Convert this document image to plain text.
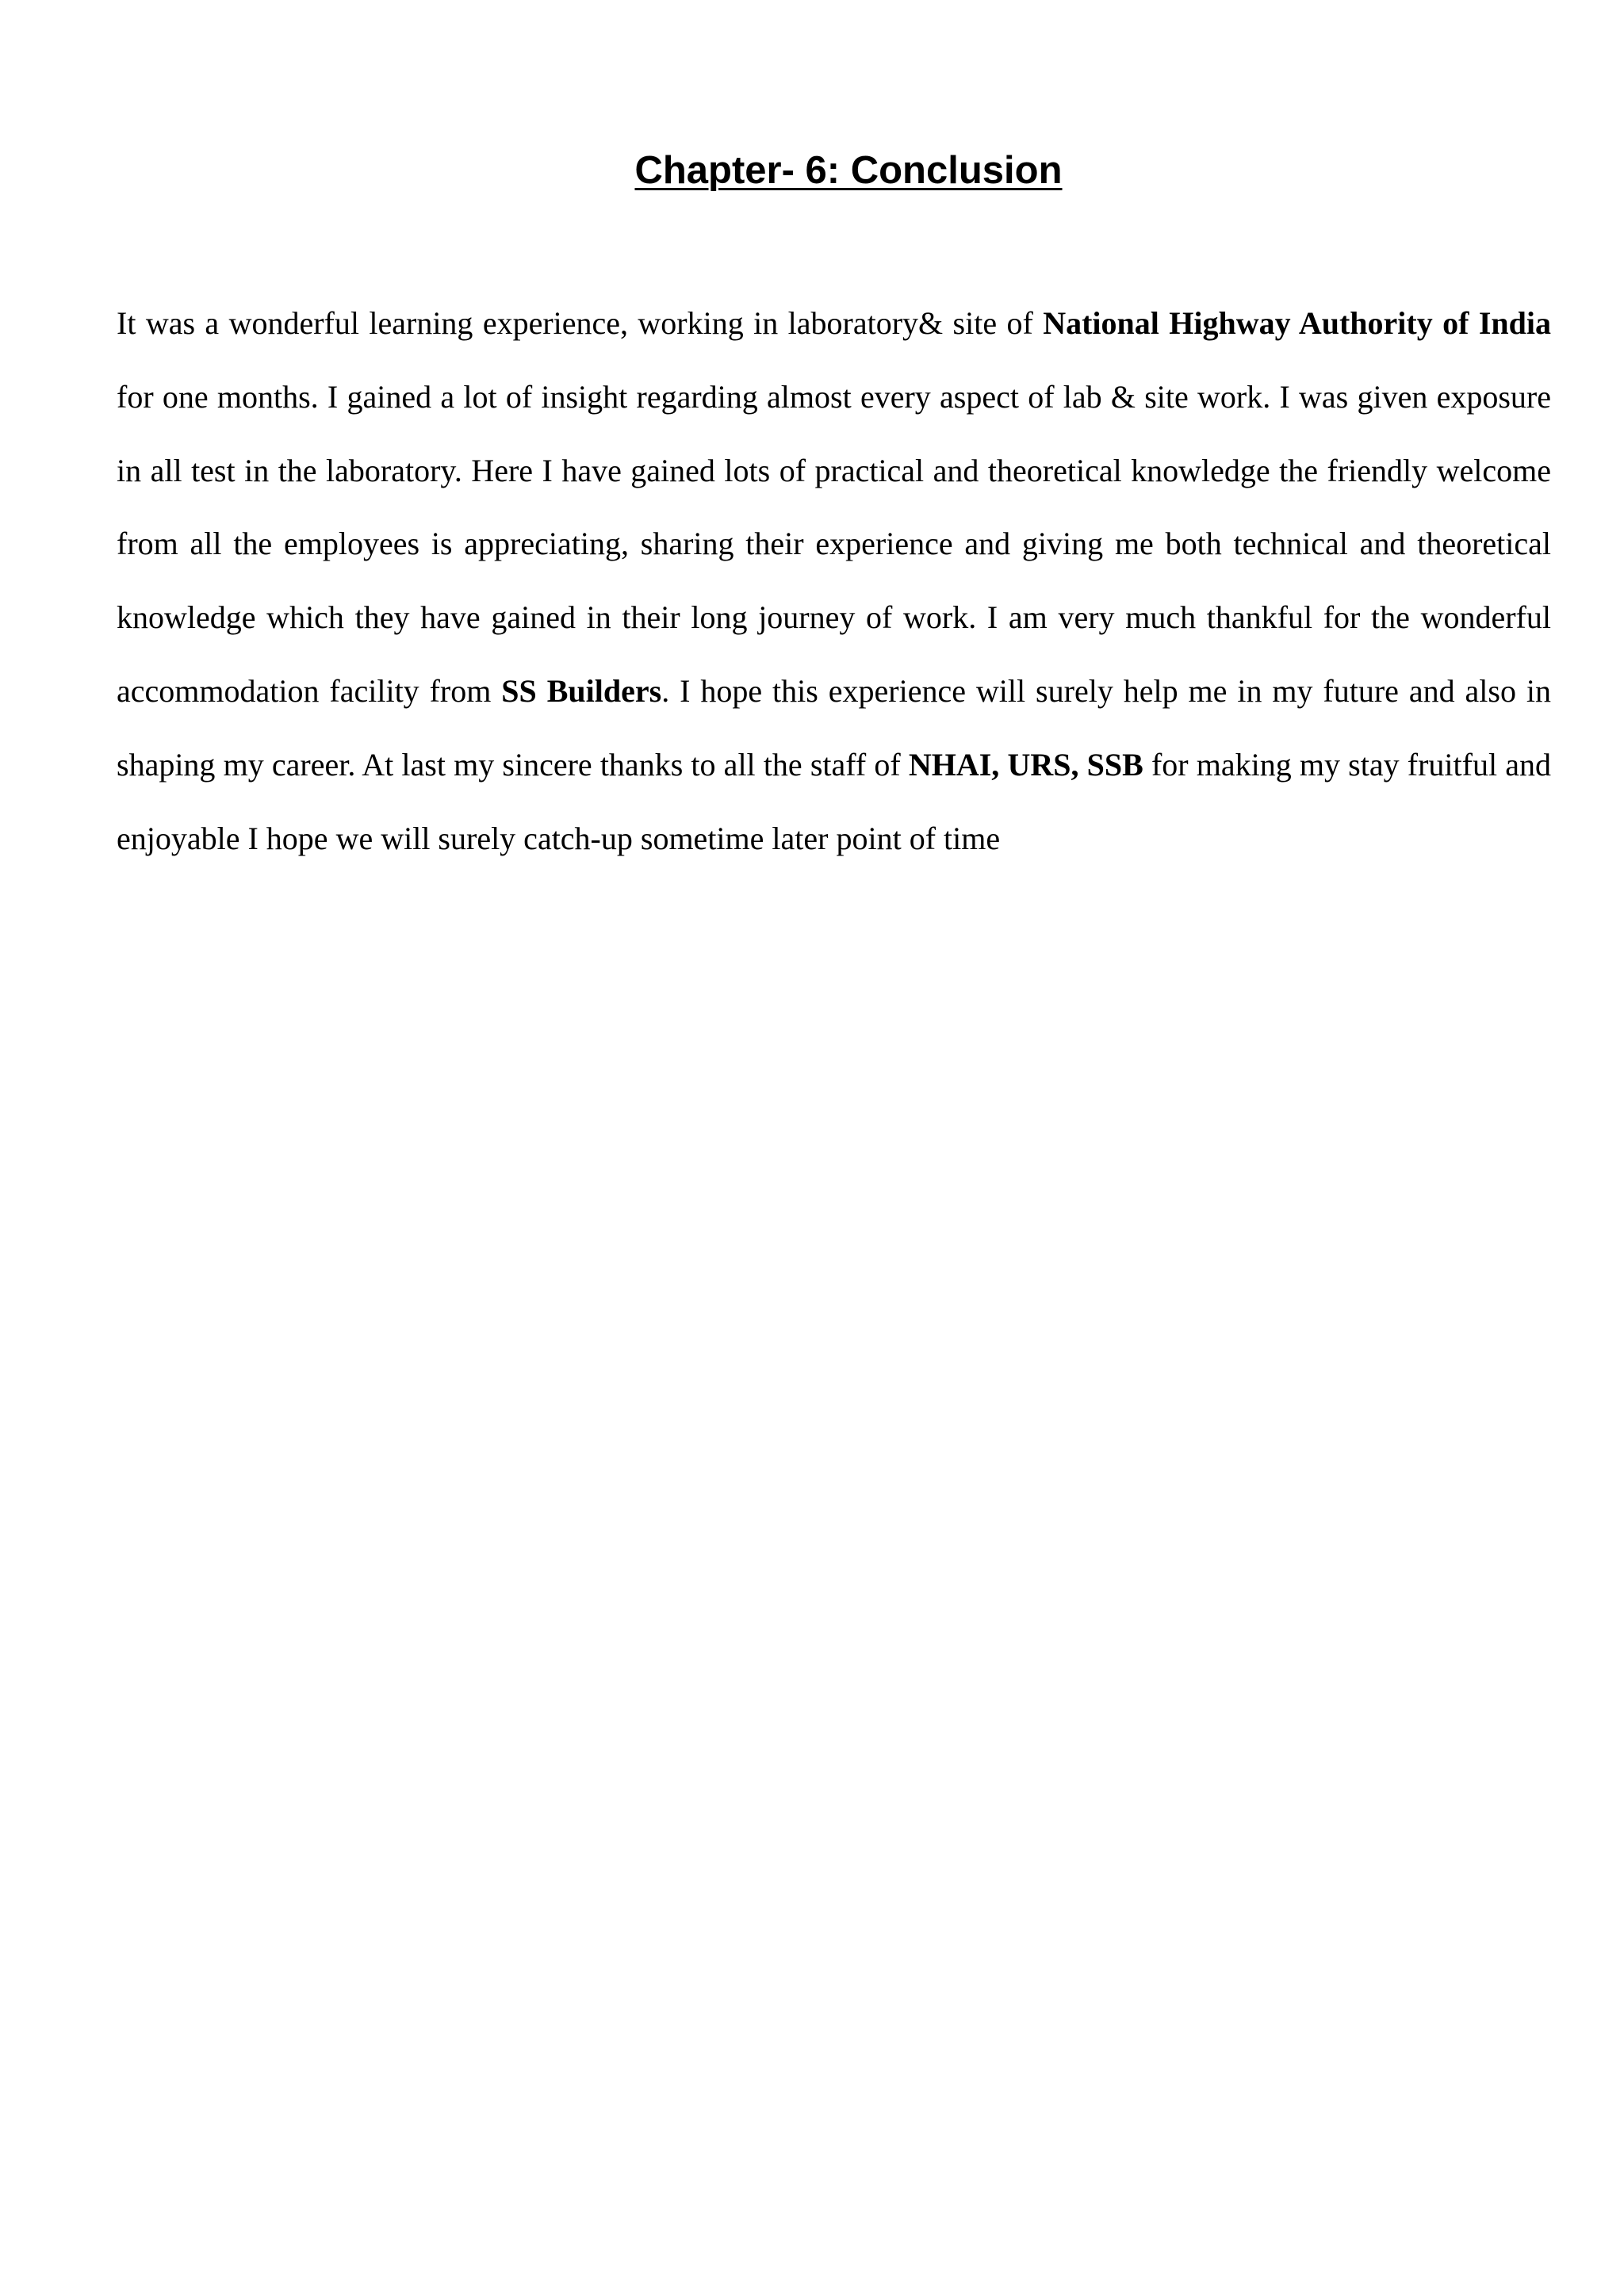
Chapter- 6: Conclusion

It was a wonderful learning experience, working in laboratory& site of National Highway Authority of India for one months. I gained a lot of insight regarding almost every aspect of lab & site work. I was given exposure in all test in the laboratory. Here I have gained lots of practical and theoretical knowledge the friendly welcome from all the employees is appreciating, sharing their experience and giving me both technical and theoretical knowledge which they have gained in their long journey of work. I am very much thankful for the wonderful accommodation facility from SS Builders. I hope this experience will surely help me in my future and also in shaping my career. At last my sincere thanks to all the staff of NHAI, URS, SSB for making my stay fruitful and enjoyable I hope we will surely catch-up sometime later point of time
